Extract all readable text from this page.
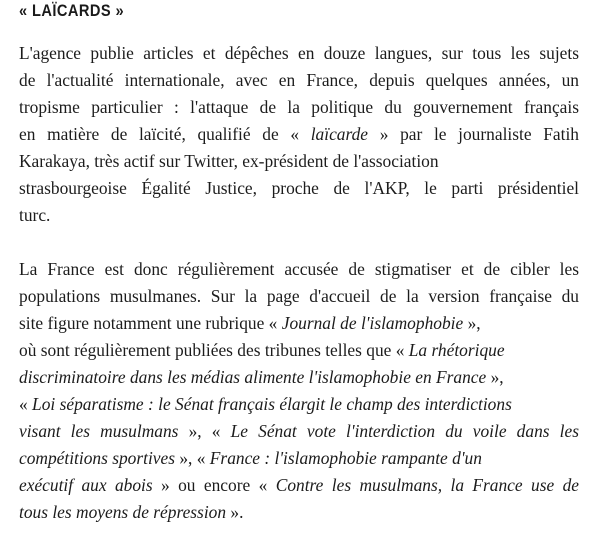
« LAÏCARDS »

L'agence publie articles et dépêches en douze langues, sur tous les sujets
de l'actualité internationale, avec en France, depuis quelques années, un
tropisme particulier : l'attaque de la politique du gouvernement français
en matière de laïcité, qualifié de « laïcarde » par le journaliste Fatih
Karakaya, très actif sur Twitter, ex-président de l'association
strasbourgeoise Égalité Justice, proche de l'AKP, le parti présidentiel
turc.

La France est donc régulièrement accusée de stigmatiser et de cibler les
populations musulmanes. Sur la page d'accueil de la version française du
site figure notamment une rubrique « Journal de l'islamophobie »,
où sont régulièrement publiées des tribunes telles que « La rhétorique
discriminatoire dans les médias alimente l'islamophobie en France »,
« Loi séparatisme : le Sénat français élargit le champ des interdictions
visant les musulmans », « Le Sénat vote l'interdiction du voile dans les
compétitions sportives », « France : l'islamophobie rampante d'un
exécutif aux abois » ou encore « Contre les musulmans, la France use de
tous les moyens de répression ».
